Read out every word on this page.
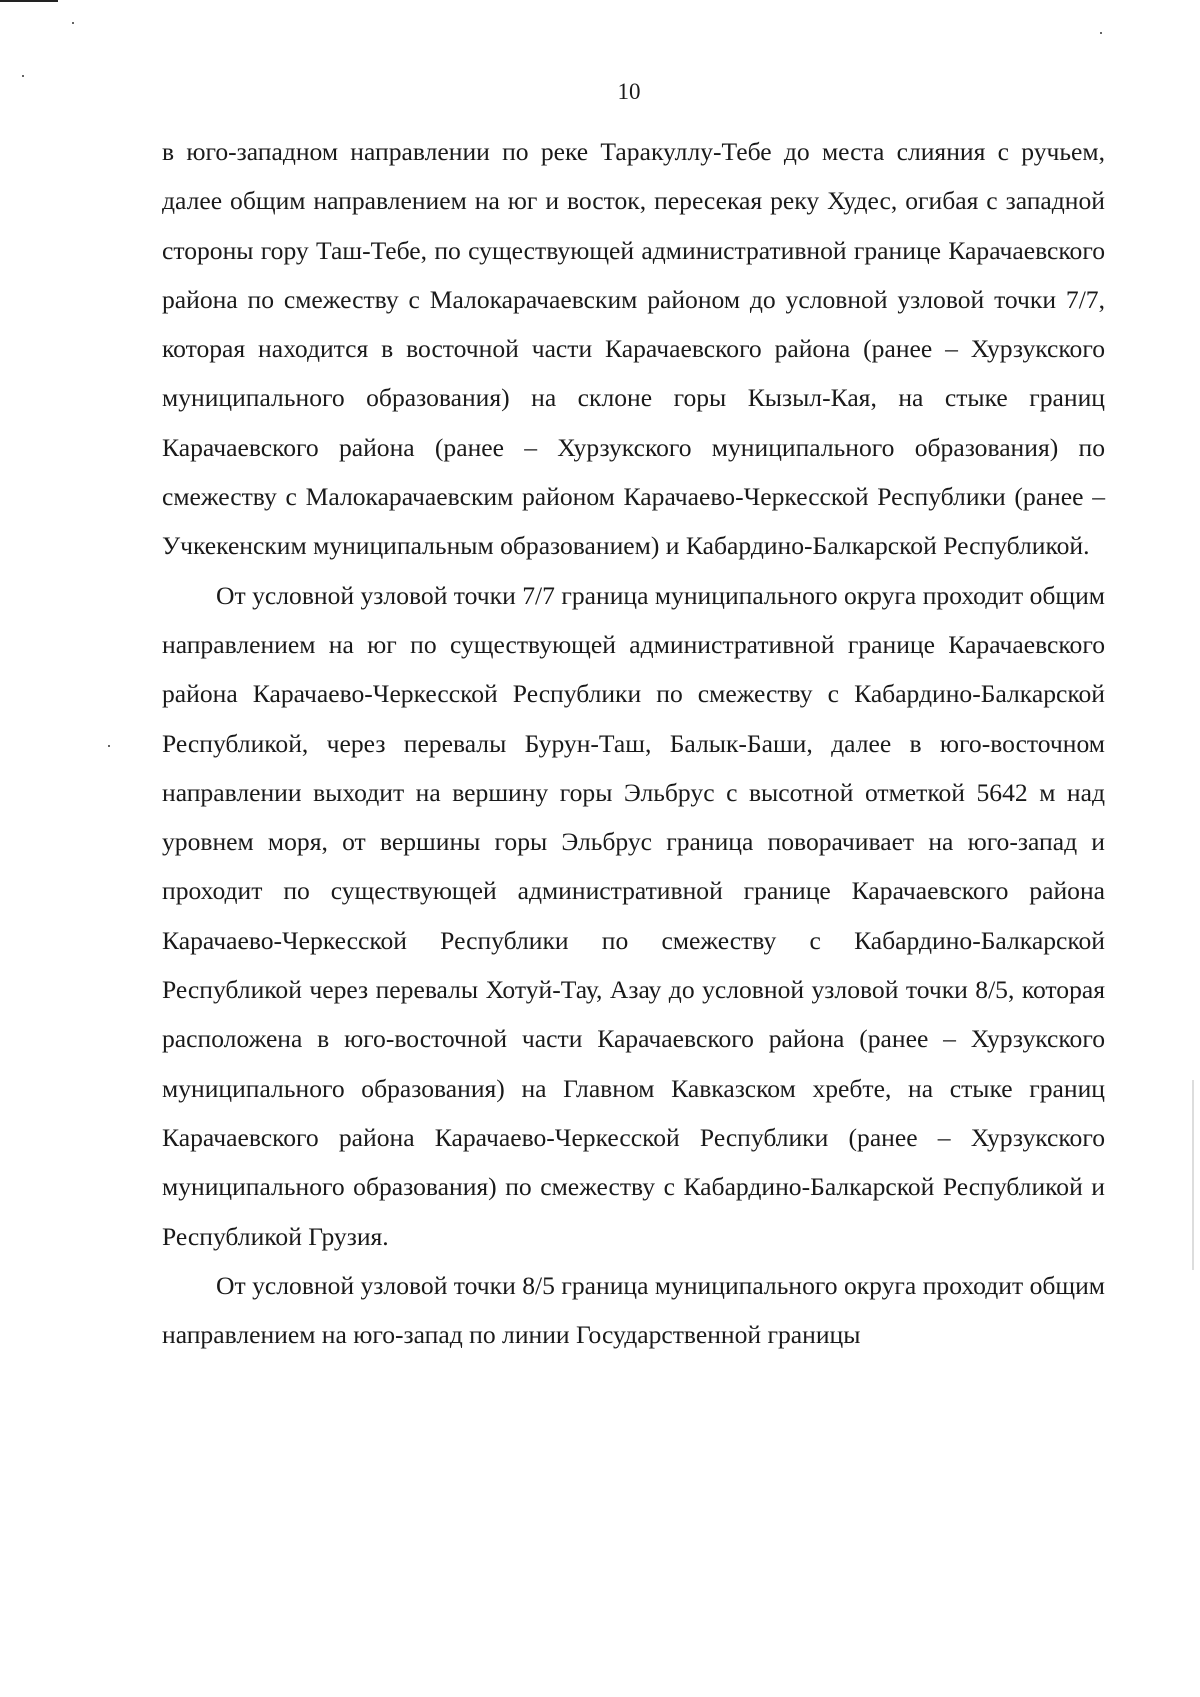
10

в юго-западном направлении по реке Таракуллу-Тебе до места слияния с ручьем, далее общим направлением на юг и восток, пересекая реку Худес, огибая с западной стороны гору Таш-Тебе, по существующей административной границе Карачаевского района по смежеству с Малокарачаевским районом до условной узловой точки 7/7, которая находится в восточной части Карачаевского района (ранее – Хурзукского муниципального образования) на склоне горы Кызыл-Кая, на стыке границ Карачаевского района (ранее – Хурзукского муниципального образования) по смежеству с Малокарачаевским районом Карачаево-Черкесской Республики (ранее – Учкекенским муниципальным образованием) и Кабардино-Балкарской Республикой.

От условной узловой точки 7/7 граница муниципального округа проходит общим направлением на юг по существующей административной границе Карачаевского района Карачаево-Черкесской Республики по смежеству с Кабардино-Балкарской Республикой, через перевалы Бурун-Таш, Балык-Баши, далее в юго-восточном направлении выходит на вершину горы Эльбрус с высотной отметкой 5642 м над уровнем моря, от вершины горы Эльбрус граница поворачивает на юго-запад и проходит по существующей административной границе Карачаевского района Карачаево-Черкесской Республики по смежеству с Кабардино-Балкарской Республикой через перевалы Хотуй-Тау, Азау до условной узловой точки 8/5, которая расположена в юго-восточной части Карачаевского района (ранее – Хурзукского муниципального образования) на Главном Кавказском хребте, на стыке границ Карачаевского района Карачаево-Черкесской Республики (ранее – Хурзукского муниципального образования) по смежеству с Кабардино-Балкарской Республикой и Республикой Грузия.

От условной узловой точки 8/5 граница муниципального округа проходит общим направлением на юго-запад по линии Государственной границы
